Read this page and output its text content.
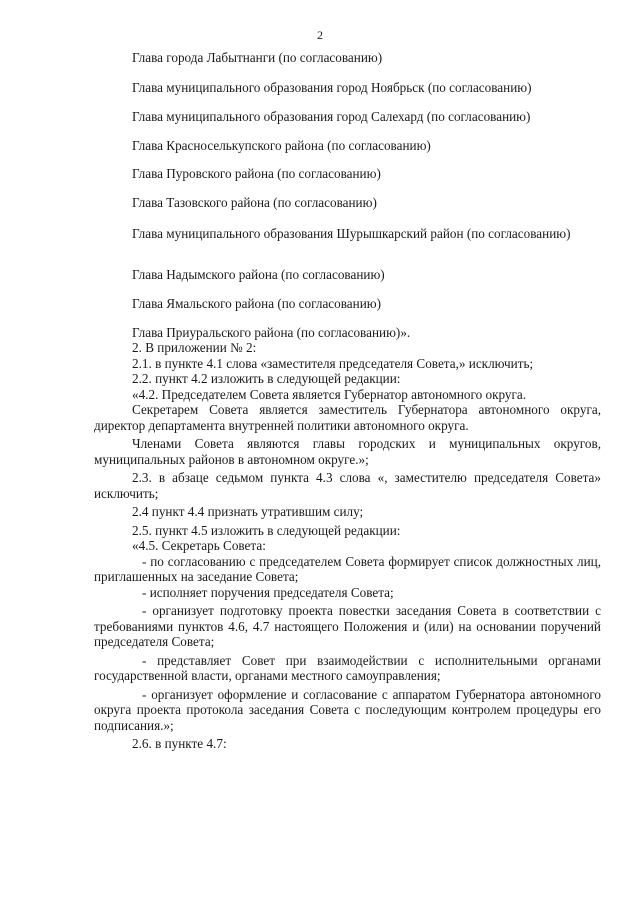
2
Глава города Лабытнанги (по согласованию)
Глава муниципального образования город Ноябрьск (по согласованию)
Глава муниципального образования город Салехард (по согласованию)
Глава Красноселькупского района (по согласованию)
Глава Пуровского района (по согласованию)
Глава Тазовского района (по согласованию)
Глава муниципального образования Шурышкарский район (по согласованию)
Глава Надымского района (по согласованию)
Глава Ямальского района (по согласованию)
Глава Приуральского района (по согласованию)».

2. В приложении № 2:

2.1. в пункте 4.1 слова «заместителя председателя Совета,» исключить;

2.2. пункт 4.2 изложить в следующей редакции:

«4.2. Председателем Совета является Губернатор автономного округа.

Секретарем Совета является заместитель Губернатора автономного округа, директор департамента внутренней политики автономного округа.

Членами Совета являются главы городских и муниципальных округов, муниципальных районов в автономном округе.»;

2.3. в абзаце седьмом пункта 4.3 слова «, заместителю председателя Совета» исключить;

2.4 пункт 4.4 признать утратившим силу;

2.5. пункт 4.5 изложить в следующей редакции:

«4.5. Секретарь Совета:

- по согласованию с председателем Совета формирует список должностных лиц, приглашенных на заседание Совета;

- исполняет поручения председателя Совета;

- организует подготовку проекта повестки заседания Совета в соответствии с требованиями пунктов 4.6, 4.7 настоящего Положения и (или) на основании поручений председателя Совета;

- представляет Совет при взаимодействии с исполнительными органами государственной власти, органами местного самоуправления;

- организует оформление и согласование с аппаратом Губернатора автономного округа проекта протокола заседания Совета с последующим контролем процедуры его подписания.»;

2.6. в пункте 4.7:
